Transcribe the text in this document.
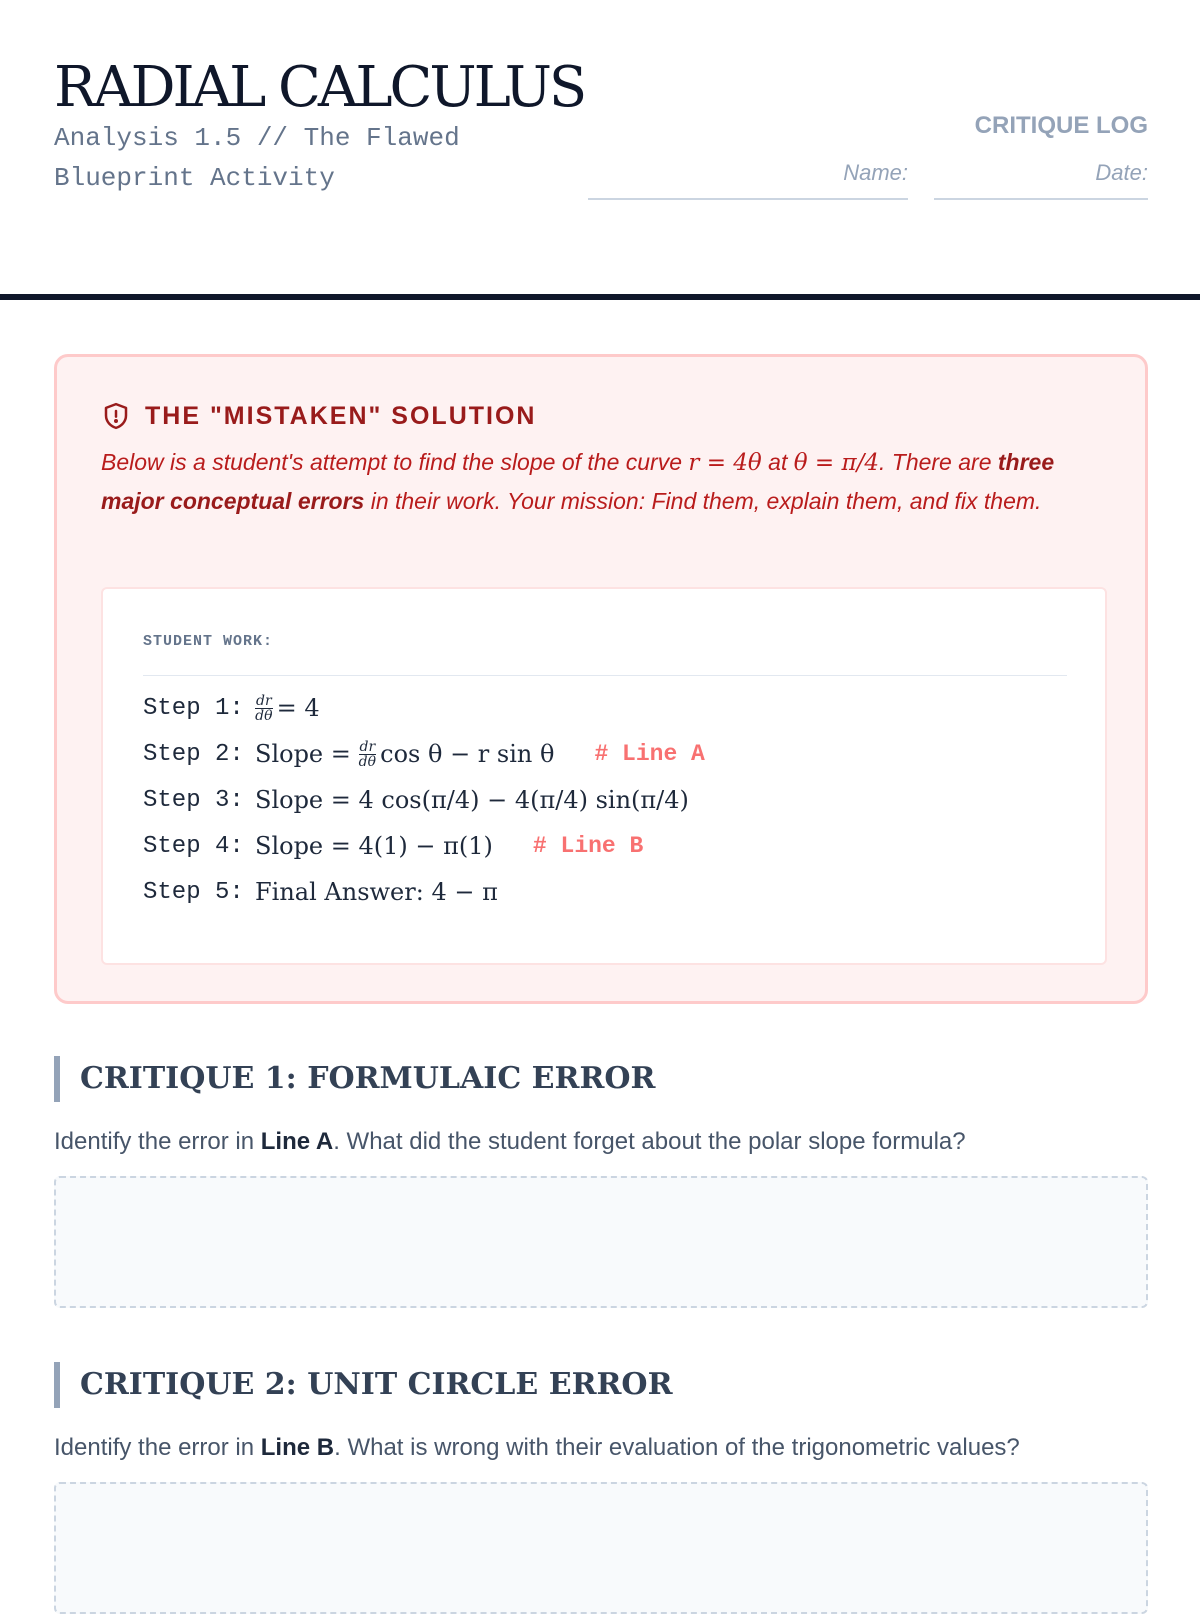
RADIAL CALCULUS
Analysis 1.5 // The Flawed Blueprint Activity
CRITIQUE LOG
Name:	Date:
THE "MISTAKEN" SOLUTION

Below is a student's attempt to find the slope of the curve r = 4θ at θ = π/4. There are three major conceptual errors in their work. Your mission: Find them, explain them, and fix them.

STUDENT WORK:
Step 1: $\frac{dr}{d\theta} = 4$
Step 2: Slope = $\frac{dr}{d\theta}$ cos θ − r sin θ # Line A
Step 3: Slope = 4 cos(π/4) − 4(π/4) sin(π/4)
Step 4: Slope = 4(1) − π(1) # Line B
Step 5: Final Answer: 4 − π
CRITIQUE 1: FORMULAIC ERROR

Identify the error in Line A. What did the student forget about the polar slope formula?

CRITIQUE 2: UNIT CIRCLE ERROR

Identify the error in Line B. What is wrong with their evaluation of the trigonometric values?
